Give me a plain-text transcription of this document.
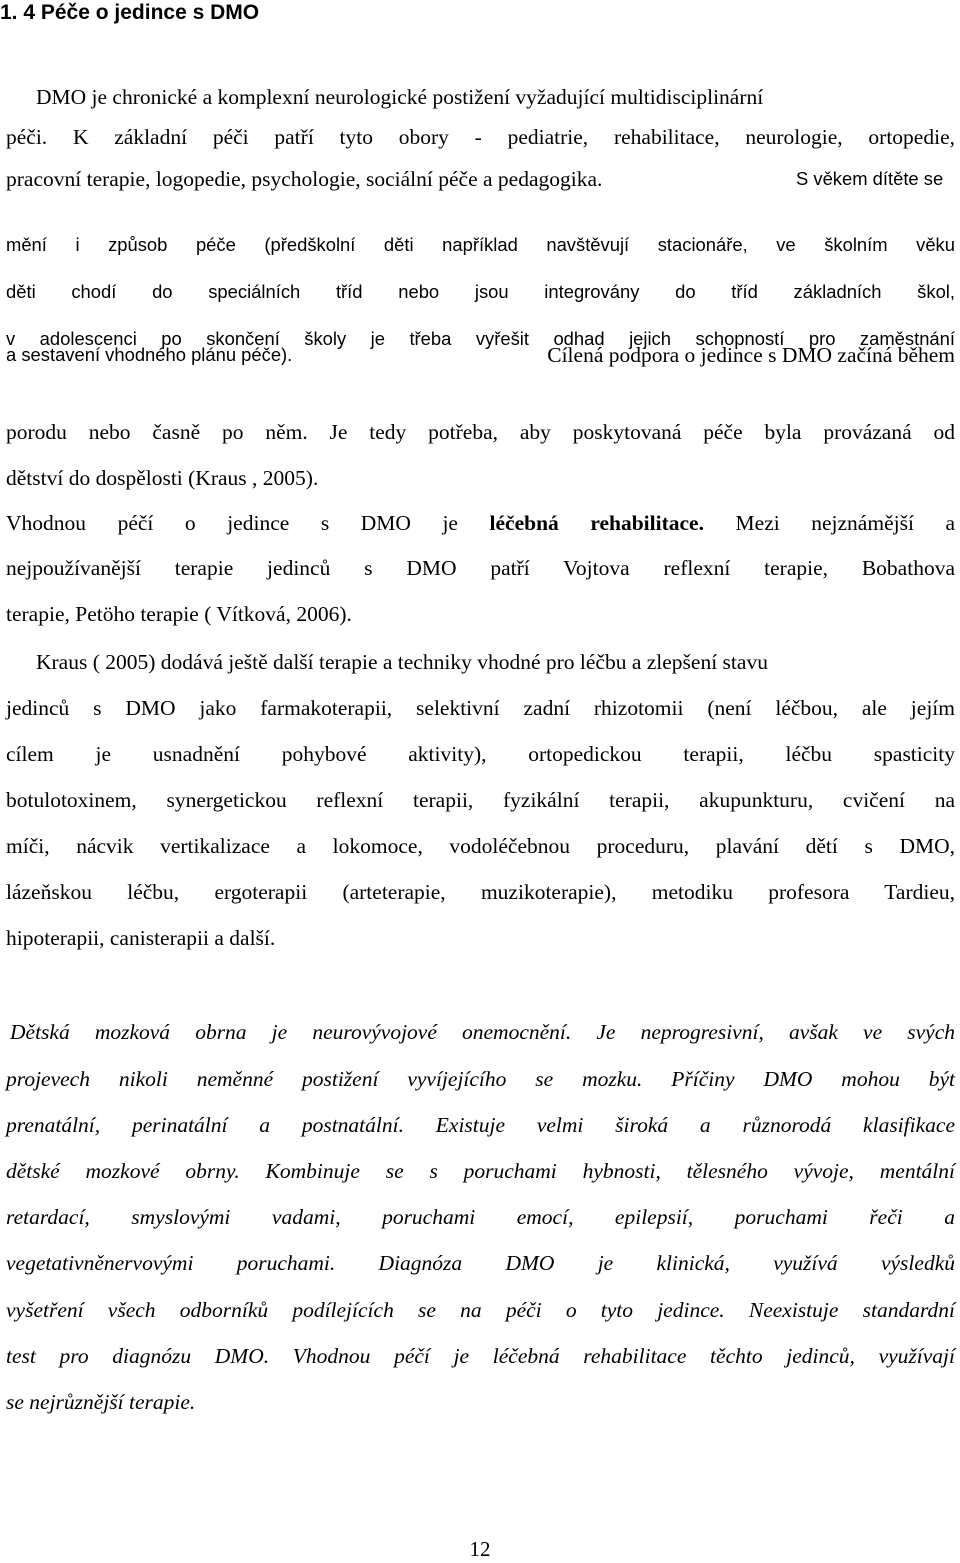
1. 4 Péče o jedince s DMO

DMO je chronické a komplexní neurologické postižení vyžadující multidisciplinární

péči. K základní péči patří tyto obory - pediatrie, rehabilitace, neurologie, ortopedie,

pracovní terapie, logopedie, psychologie, sociální péče a pedagogika.	S věkem dítěte se

mění i způsob péče (předškolní děti například navštěvují stacionáře, ve školním věku

děti chodí do speciálních tříd nebo jsou integrovány do tříd základních škol,

v adolescenci po skončení školy je třeba vyřešit odhad jejich schopností pro zaměstnání

a sestavení vhodného plánu péče).	Cílená podpora o jedince s DMO začíná během

porodu nebo časně po něm. Je tedy potřeba, aby poskytovaná péče byla provázaná od

dětství do dospělosti (Kraus , 2005).

Vhodnou péčí o jedince s DMO je léčebná rehabilitace. Mezi nejznámější a

nejpoužívanější terapie jedinců s DMO patří Vojtova reflexní terapie, Bobathova

terapie, Petöho terapie ( Vítková, 2006).

Kraus ( 2005) dodává ještě další terapie a techniky vhodné pro léčbu a zlepšení stavu

jedinců s DMO jako farmakoterapii, selektivní zadní rhizotomii (není léčbou, ale jejím

cílem je usnadnění pohybové aktivity), ortopedickou terapii, léčbu spasticity

botulotoxinem, synergetickou reflexní terapii, fyzikální terapii, akupunkturu, cvičení na

míči, nácvik vertikalizace a lokomoce, vodoléčebnou proceduru, plavání dětí s DMO,

lázeňskou léčbu, ergoterapii (arteterapie, muzikoterapie), metodiku profesora Tardieu,

hipoterapii, canisterapii a další.

Dětská mozková obrna je neurovývojové onemocnění. Je neprogresivní, avšak ve svých

projevech nikoli neměnné postižení vyvíjejícího se mozku. Příčiny DMO mohou být

prenatální, perinatální a postnatální. Existuje velmi široká a různorodá klasifikace

dětské mozkové obrny. Kombinuje se s poruchami hybnosti, tělesného vývoje, mentální

retardací, smyslovými vadami, poruchami emocí, epilepsií, poruchami řeči a

vegetativněnervovými poruchami. Diagnóza DMO je klinická, využívá výsledků

vyšetření všech odborníků podílejících se na péči o tyto jedince. Neexistuje standardní

test pro diagnózu DMO. Vhodnou péčí je léčebná rehabilitace těchto jedinců, využívají

se nejrůznější terapie.

12
